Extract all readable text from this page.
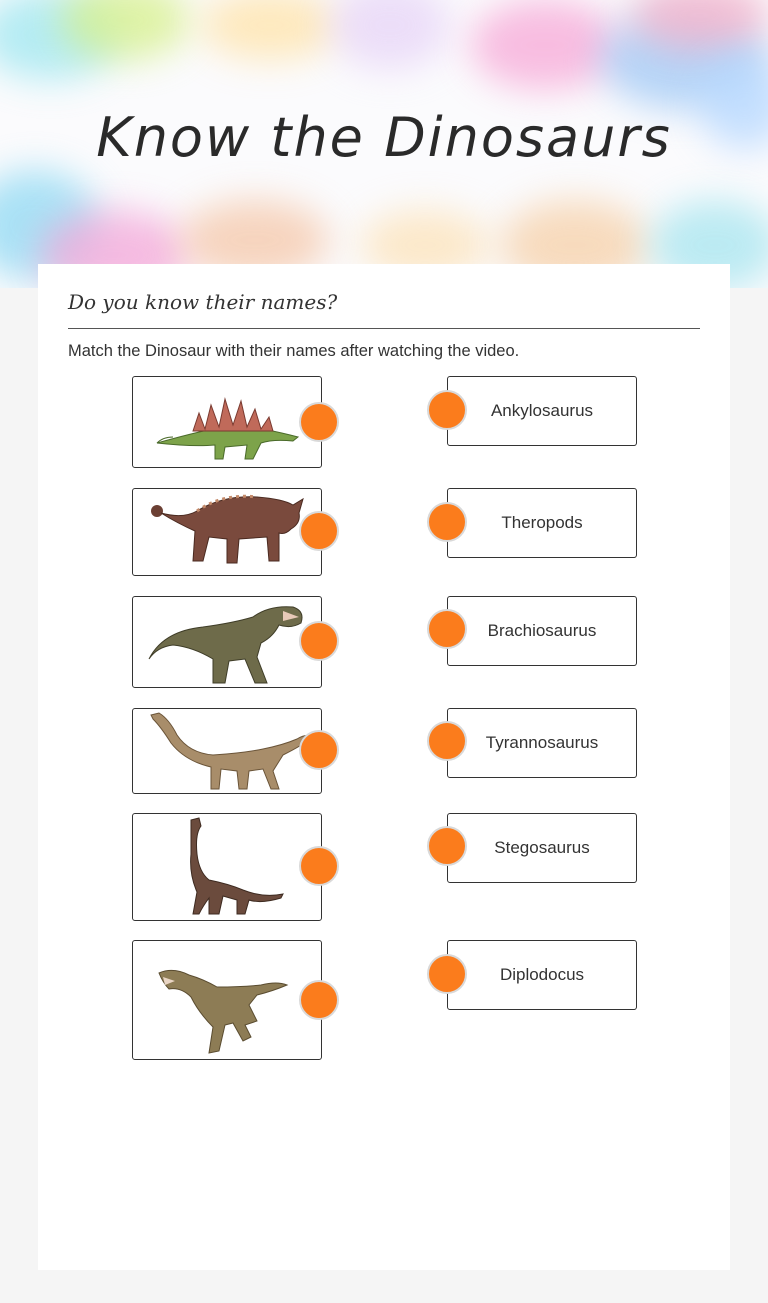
Know the Dinosaurs
Do you know their names?
Match the Dinosaur with their names after watching the video.
Ankylosaurus
Theropods
Brachiosaurus
Tyrannosaurus
Stegosaurus
Diplodocus
